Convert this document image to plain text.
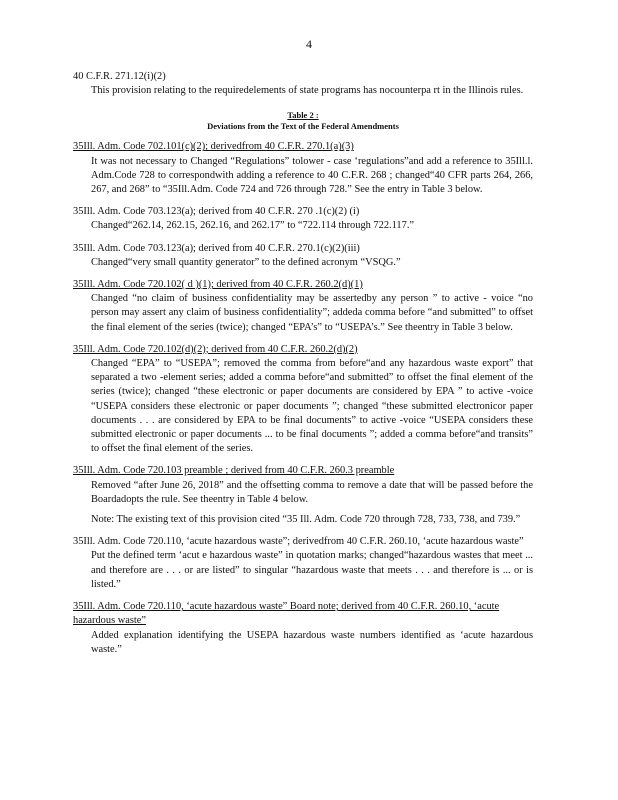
4

40 C.F.R. 271.12(i)(2)

This provision relating to the requiredelements of state programs has nocounterpa rt in the Illinois rules.

Table 2 :
Deviations from the Text of the Federal Amendments

35Ill. Adm. Code 702.101(c)(2); derivedfrom 40 C.F.R. 270.1(a)(3)

It was not necessary to Changed “Regulations” tolower - case ‘regulations”and add a reference to 35Ill.l. Adm.Code 728 to correspondwith adding a reference to 40 C.F.R. 268 ; changed“40 CFR parts 264, 266, 267, and 268” to “35Ill.Adm. Code 724 and 726 through 728.” See the entry in Table 3 below.

35Ill. Adm. Code 703.123(a); derived from 40 C.F.R. 270 .1(c)(2) (i)

Changed“262.14, 262.15, 262.16, and 262.17” to “722.114 through 722.117.”

35Ill. Adm. Code 703.123(a); derived from 40 C.F.R. 270.1(c)(2)(iii)

Changed“very small quantity generator” to the defined acronym “VSQG.”

35Ill. Adm. Code 720.102( d )(1); derived from 40 C.F.R. 260.2(d)(1)

Changed “no claim of business confidentiality may be assertedby any person ” to active - voice “no person may assert any claim of business confidentiality”; addeda comma before “and submitted” to offset the final element of the series (twice); changed “EPA’s” to “USEPA’s.” See theentry in Table 3 below.

35Ill. Adm. Code 720.102(d)(2); derived from 40 C.F.R. 260.2(d)(2)

Changed “EPA” to “USEPA”; removed the comma from before“and any hazardous waste export” that separated a two -element series; added a comma before“and submitted” to offset the final element of the series (twice); changed “these electronic or paper documents are considered by EPA ” to active -voice “USEPA considers these electronic or paper documents ”; changed “these submitted electronicor paper documents . . . are considered by EPA to be final documents” to active -voice “USEPA considers these submitted electronic or paper documents ... to be final documents ”; added a comma before“and transits” to offset the final element of the series.

35Ill. Adm. Code 720.103 preamble ; derived from 40 C.F.R. 260.3 preamble

Removed “after June 26, 2018” and the offsetting comma to remove a date that will be passed before the Boardadopts the rule. See theentry in Table 4 below.

Note: The existing text of this provision cited “35 Ill. Adm. Code 720 through 728, 733, 738, and 739.”

35Ill. Adm. Code 720.110, ‘acute hazardous waste”; derivedfrom 40 C.F.R. 260.10, ‘acute hazardous waste”

Put the defined term ‘acut e hazardous waste” in quotation marks; changed“hazardous wastes that meet ... and therefore are . . . or are listed” to singular “hazardous waste that meets . . . and therefore is ... or is listed.”

35Ill. Adm. Code 720.110, ‘acute hazardous waste” Board note; derived from 40 C.F.R. 260.10, ‘acute hazardous waste”

Added explanation identifying the USEPA hazardous waste numbers identified as ‘acute hazardous waste.”
